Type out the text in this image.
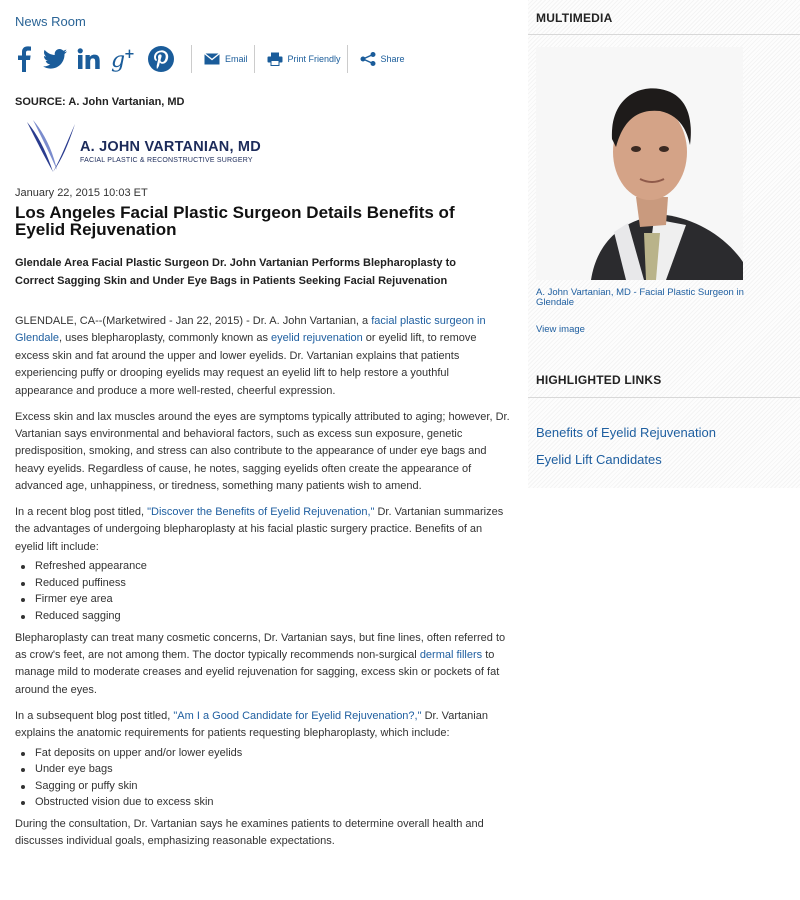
News Room
g
+	Email	Print Friendly	Share
SOURCE: A. John Vartanian, MD
A. JOHN VARTANIAN, MD
FACIAL PLASTIC & RECONSTRUCTIVE SURGERY
January 22, 2015 10:03 ET
Los Angeles Facial Plastic Surgeon Details Benefits of Eyelid Rejuvenation
Glendale Area Facial Plastic Surgeon Dr. John Vartanian Performs Blepharoplasty to Correct Sagging Skin and Under Eye Bags in Patients Seeking Facial Rejuvenation

GLENDALE, CA--(Marketwired - Jan 22, 2015) - Dr. A. John Vartanian, a facial plastic surgeon in Glendale, uses blepharoplasty, commonly known as eyelid rejuvenation or eyelid lift, to remove excess skin and fat around the upper and lower eyelids. Dr. Vartanian explains that patients experiencing puffy or drooping eyelids may request an eyelid lift to help restore a youthful appearance and produce a more well-rested, cheerful expression.

Excess skin and lax muscles around the eyes are symptoms typically attributed to aging; however, Dr. Vartanian says environmental and behavioral factors, such as excess sun exposure, genetic predisposition, smoking, and stress can also contribute to the appearance of under eye bags and heavy eyelids. Regardless of cause, he notes, sagging eyelids often create the appearance of advanced age, unhappiness, or tiredness, something many patients wish to amend.

In a recent blog post titled, "Discover the Benefits of Eyelid Rejuvenation," Dr. Vartanian summarizes the advantages of undergoing blepharoplasty at his facial plastic surgery practice. Benefits of an eyelid lift include:

Refreshed appearance
Reduced puffiness
Firmer eye area
Reduced sagging

Blepharoplasty can treat many cosmetic concerns, Dr. Vartanian says, but fine lines, often referred to as crow's feet, are not among them. The doctor typically recommends non-surgical dermal fillers to manage mild to moderate creases and eyelid rejuvenation for sagging, excess skin or pockets of fat around the eyes.

In a subsequent blog post titled, "Am I a Good Candidate for Eyelid Rejuvenation?," Dr. Vartanian explains the anatomic requirements for patients requesting blepharoplasty, which include:

Fat deposits on upper and/or lower eyelids
Under eye bags
Sagging or puffy skin
Obstructed vision due to excess skin

During the consultation, Dr. Vartanian says he examines patients to determine overall health and discusses individual goals, emphasizing reasonable expectations.

MULTIMEDIA
A. John Vartanian, MD - Facial Plastic Surgeon in Glendale
View image
HIGHLIGHTED LINKS
Benefits of Eyelid Rejuvenation
Eyelid Lift Candidates
